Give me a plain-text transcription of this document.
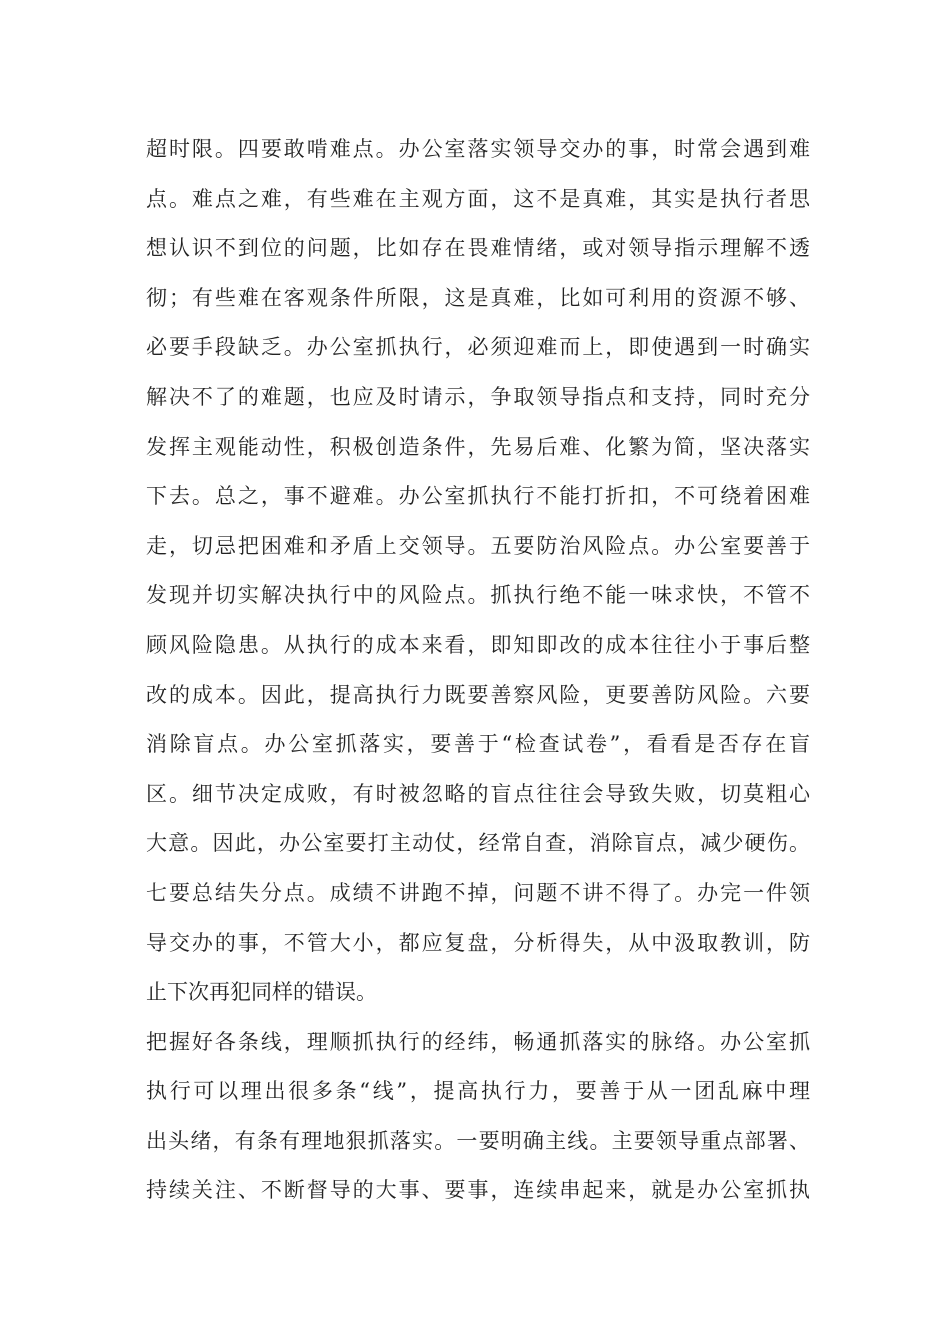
超时限。四要敢啃难点。办公室落实领导交办的事，时常会遇到难
点。难点之难，有些难在主观方面，这不是真难，其实是执行者思
想认识不到位的问题，比如存在畏难情绪，或对领导指示理解不透
彻；有些难在客观条件所限，这是真难，比如可利用的资源不够、
必要手段缺乏。办公室抓执行，必须迎难而上，即使遇到一时确实
解决不了的难题，也应及时请示，争取领导指点和支持，同时充分
发挥主观能动性，积极创造条件，先易后难、化繁为简，坚决落实
下去。总之，事不避难。办公室抓执行不能打折扣，不可绕着困难
走，切忌把困难和矛盾上交领导。五要防治风险点。办公室要善于
发现并切实解决执行中的风险点。抓执行绝不能一味求快，不管不
顾风险隐患。从执行的成本来看，即知即改的成本往往小于事后整
改的成本。因此，提高执行力既要善察风险，更要善防风险。六要
消除盲点。办公室抓落实，要善于“检查试卷”，看看是否存在盲
区。细节决定成败，有时被忽略的盲点往往会导致失败，切莫粗心
大意。因此，办公室要打主动仗，经常自查，消除盲点，减少硬伤。
七要总结失分点。成绩不讲跑不掉，问题不讲不得了。办完一件领
导交办的事，不管大小，都应复盘，分析得失，从中汲取教训，防
止下次再犯同样的错误。
把握好各条线，理顺抓执行的经纬，畅通抓落实的脉络。办公室抓
执行可以理出很多条“线”，提高执行力，要善于从一团乱麻中理
出头绪，有条有理地狠抓落实。一要明确主线。主要领导重点部署、
持续关注、不断督导的大事、要事，连续串起来，就是办公室抓执
